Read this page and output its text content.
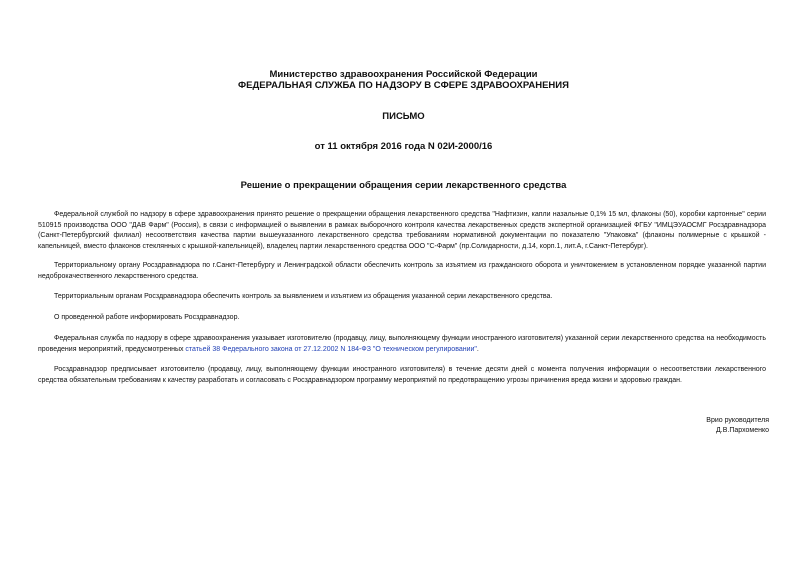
Министерство здравоохранения Российской Федерации
ФЕДЕРАЛЬНАЯ СЛУЖБА ПО НАДЗОРУ В СФЕРЕ ЗДРАВООХРАНЕНИЯ
ПИСЬМО
от 11 октября 2016 года N 02И-2000/16
Решение о прекращении обращения серии лекарственного средства

Федеральной службой по надзору в сфере здравоохранения принято решение о прекращении обращения лекарственного средства "Нафтизин, капли назальные 0,1% 15 мл, флаконы (50), коробки картонные" серии 510915 производства ООО "ДАВ Фарм" (Россия), в связи с информацией о выявлении в рамках выборочного контроля качества лекарственных средств экспертной организацией ФГБУ "ИМЦЭУАОСМГ Росздравнадзора (Санкт-Петербургский филиал) несоответствия качества партии вышеуказанного лекарственного средства требованиям нормативной документации по показателю "Упаковка" (флаконы полимерные с крышкой - капельницей, вместо флаконов стеклянных с крышкой-капельницей), владелец партии лекарственного средства ООО "С-Фарм" (пр.Солидарности, д.14, корп.1, лит.А, г.Санкт-Петербург).

Территориальному органу Росздравнадзора по г.Санкт-Петербургу и Ленинградской области обеспечить контроль за изъятием из гражданского оборота и уничтожением в установленном порядке указанной партии недоброкачественного лекарственного средства.

Территориальным органам Росздравнадзора обеспечить контроль за выявлением и изъятием из обращения указанной серии лекарственного средства.

О проведенной работе информировать Росздравнадзор.

Федеральная служба по надзору в сфере здравоохранения указывает изготовителю (продавцу, лицу, выполняющему функции иностранного изготовителя) указанной серии лекарственного средства на необходимость проведения мероприятий, предусмотренных статьей 38 Федерального закона от 27.12.2002 N 184-ФЗ "О техническом регулировании".

Росздравнадзор предписывает изготовителю (продавцу, лицу, выполняющему функции иностранного изготовителя) в течение десяти дней с момента получения информации о несоответствии лекарственного средства обязательным требованиям к качеству разработать и согласовать с Росздравнадзором программу мероприятий по предотвращению угрозы причинения вреда жизни и здоровью граждан.

Врио руководителя
Д.В.Пархоменко
